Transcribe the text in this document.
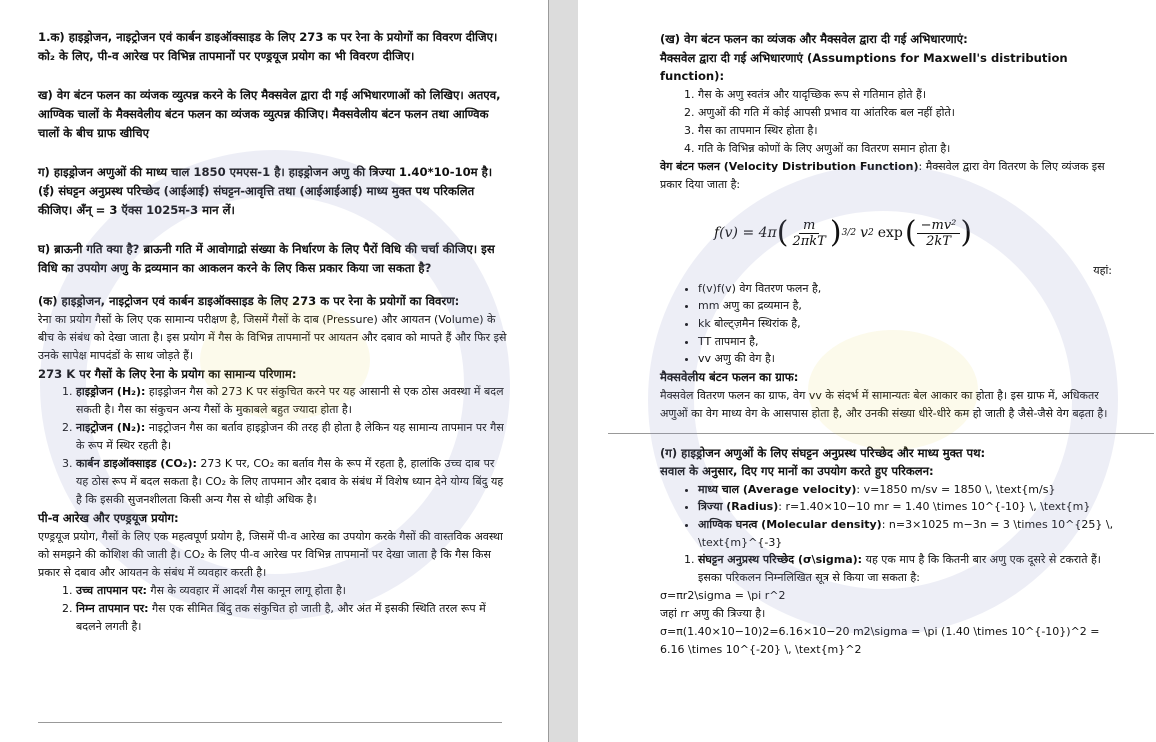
1.क) हाइड्रोजन, नाइट्रोजन एवं कार्बन डाइऑक्साइड के लिए 273 क पर रेना के प्रयोगों का विवरण दीजिए। को₂ के लिए, पी-व आरेख पर विभिन्न तापमानों पर एण्ड्रयूज प्रयोग का भी विवरण दीजिए।

ख) वेग बंटन फलन का व्यंजक व्युत्पन्न करने के लिए मैक्सवेल द्वारा दी गई अभिधारणाओं को लिखिए। अतएव, आण्विक चालों के मैक्सवेलीय बंटन फलन का व्यंजक व्युत्पन्न कीजिए। मैक्सवेलीय बंटन फलन तथा आण्विक चालों के बीच ग्राफ खीचिए

ग) हाइड्रोजन अणुओं की माध्य चाल 1850 एमएस-1 है। हाइड्रोजन अणु की त्रिज्या 1.40*10-10म है। (ई) संघट्टन अनुप्रस्थ परिच्छेद (आईआई) संघट्टन-आवृत्ति तथा (आईआईआई) माध्य मुक्त पथ परिकलित कीजिए। अँन् = 3 ऍक्स 1025म-3 मान लें।

घ) ब्राऊनी गति क्या है? ब्राऊनी गति में आवोगाद्रो संख्या के निर्धारण के लिए पैरों विधि की चर्चा कीजिए। इस विधि का उपयोग अणु के द्रव्यमान का आकलन करने के लिए किस प्रकार किया जा सकता है?

(क) हाइड्रोजन, नाइट्रोजन एवं कार्बन डाइऑक्साइड के लिए 273 क पर रेना के प्रयोगों का विवरण:

रेना का प्रयोग गैसों के लिए एक सामान्य परीक्षण है, जिसमें गैसों के दाब (Pressure) और आयतन (Volume) के बीच के संबंध को देखा जाता है। इस प्रयोग में गैस के विभिन्न तापमानों पर आयतन और दबाव को मापते हैं और फिर इसे उनके सापेक्ष मापदंडों के साथ जोड़ते हैं।

273 K पर गैसों के लिए रेना के प्रयोग का सामान्य परिणाम:

1. हाइड्रोजन (H₂): हाइड्रोजन गैस को 273 K पर संकुचित करने पर यह आसानी से एक ठोस अवस्था में बदल सकती है। गैस का संकुचन अन्य गैसों के मुकाबले बहुत ज्यादा होता है।
2. नाइट्रोजन (N₂): नाइट्रोजन गैस का बर्ताव हाइड्रोजन की तरह ही होता है लेकिन यह सामान्य तापमान पर गैस के रूप में स्थिर रहती है।
3. कार्बन डाइऑक्साइड (CO₂): 273 K पर, CO₂ का बर्ताव गैस के रूप में रहता है, हालांकि उच्च दाब पर यह ठोस रूप में बदल सकता है। CO₂ के लिए तापमान और दबाव के संबंध में विशेष ध्यान देने योग्य बिंदु यह है कि इसकी सुजनशीलता किसी अन्य गैस से थोड़ी अधिक है।

पी-व आरेख और एण्ड्रयूज प्रयोग:

एण्ड्रयूज प्रयोग, गैसों के लिए एक महत्वपूर्ण प्रयोग है, जिसमें पी-व आरेख का उपयोग करके गैसों की वास्तविक अवस्था को समझने की कोशिश की जाती है। CO₂ के लिए पी-व आरेख पर विभिन्न तापमानों पर देखा जाता है कि गैस किस प्रकार से दबाव और आयतन के संबंध में व्यवहार करती है।

1. उच्च तापमान पर: गैस के व्यवहार में आदर्श गैस कानून लागू होता है।
2. निम्न तापमान पर: गैस एक सीमित बिंदु तक संकुचित हो जाती है, और अंत में इसकी स्थिति तरल रूप में बदलने लगती है।

(ख) वेग बंटन फलन का व्यंजक और मैक्सवेल द्वारा दी गई अभिधारणाएं:

मैक्सवेल द्वारा दी गई अभिधारणाएं (Assumptions for Maxwell's distribution function):

1. गैस के अणु स्वतंत्र और यादृच्छिक रूप से गतिमान होते हैं।
2. अणुओं की गति में कोई आपसी प्रभाव या आंतरिक बल नहीं होते।
3. गैस का तापमान स्थिर होता है।
4. गति के विभिन्न कोणों के लिए अणुओं का वितरण समान होता है।

वेग बंटन फलन (Velocity Distribution Function): मैक्सवेल द्वारा वेग वितरण के लिए व्यंजक इस प्रकार दिया जाता है:

f(v) = 4π ( $\frac{m}{\text{2πkT}}$ ) 3/2 v 2 exp ( $\frac{\text{−mv²}}{2kT}$ )

यहां:

• f(v)f(v) वेग वितरण फलन है,
• mm अणु का द्रव्यमान है,
• kk बोल्ट्ज़मैन स्थिरांक है,
• TT तापमान है,
• vv अणु की वेग है।

मैक्सवेलीय बंटन फलन का ग्राफ:

मैक्सवेल वितरण फलन का ग्राफ, वेग vv के संदर्भ में सामान्यतः बेल आकार का होता है। इस ग्राफ में, अधिकतर अणुओं का वेग माध्य वेग के आसपास होता है, और उनकी संख्या धीरे-धीरे कम हो जाती है जैसे-जैसे वेग बढ़ता है।

(ग) हाइड्रोजन अणुओं के लिए संघट्टन अनुप्रस्थ परिच्छेद और माध्य मुक्त पथ:

सवाल के अनुसार, दिए गए मानों का उपयोग करते हुए परिकलन:

• माध्य चाल (Average velocity): v=1850 m/sv = 1850 \, \text{m/s}
• त्रिज्या (Radius): r=1.40×10−10 mr = 1.40 \times 10^{-10} \, \text{m}
• आण्विक घनत्व (Molecular density): n=3×1025 m−3n = 3 \times 10^{25} \, \text{m}^{-3}
1. संघट्टन अनुप्रस्थ परिच्छेद (σ\sigma): यह एक माप है कि कितनी बार अणु एक दूसरे से टकराते हैं। इसका परिकलन निम्नलिखित सूत्र से किया जा सकता है:

σ=πr2\sigma = \pi r^2

जहां rr अणु की त्रिज्या है।

σ=π(1.40×10−10)2=6.16×10−20 m2\sigma = \pi (1.40 \times 10^{-10})^2 = 6.16 \times 10^{-20} \, \text{m}^2
